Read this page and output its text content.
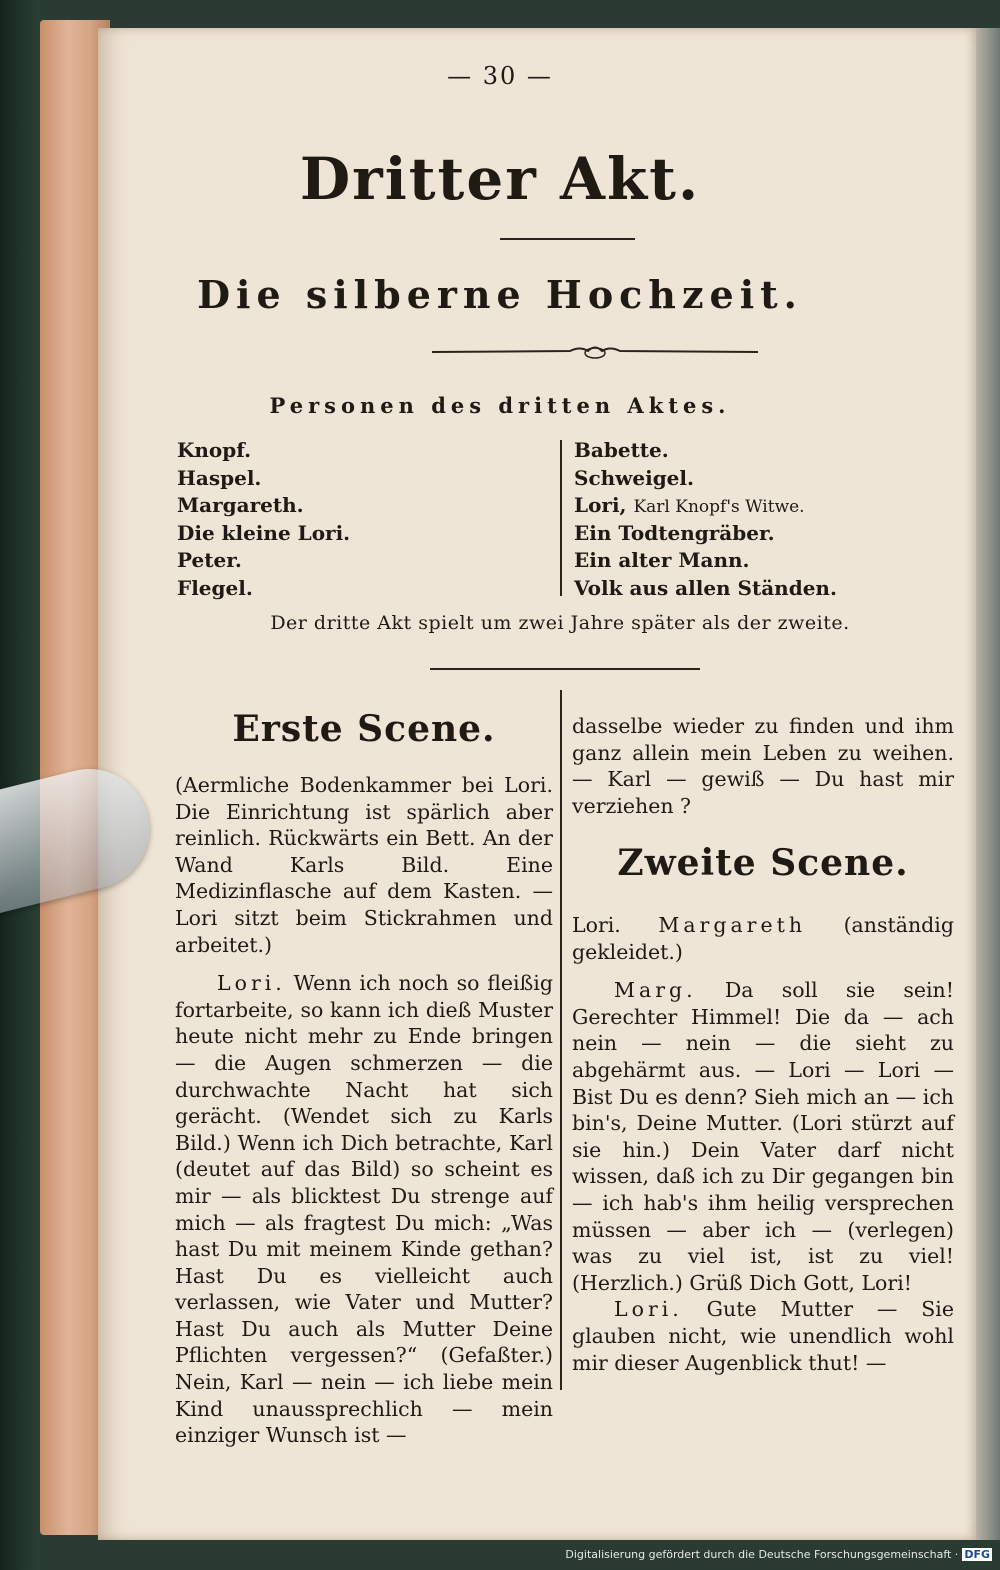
— 30 —
Dritter Akt.
Die silberne Hochzeit.
Personen des dritten Aktes.
Knopf.
Haspel.
Margareth.
Die kleine Lori.
Peter.
Flegel.
Babette.
Schweigel.
Lori, Karl Knopf's Witwe.
Ein Todtengräber.
Ein alter Mann.
Volk aus allen Ständen.
Der dritte Akt spielt um zwei Jahre später als der zweite.
Erste Scene.

(Aermliche Bodenkammer bei Lori. Die Einrichtung ist spärlich aber reinlich. Rückwärts ein Bett. An der Wand Karls Bild. Eine Medizinflasche auf dem Kasten. — Lori sitzt beim Stickrahmen und arbeitet.)

Lori. Wenn ich noch so fleißig fortarbeite, so kann ich dieß Muster heute nicht mehr zu Ende bringen — die Augen schmerzen — die durchwachte Nacht hat sich gerächt. (Wendet sich zu Karls Bild.) Wenn ich Dich betrachte, Karl (deutet auf das Bild) so scheint es mir — als blicktest Du strenge auf mich — als fragtest Du mich: „Was hast Du mit meinem Kinde gethan? Hast Du es vielleicht auch verlassen, wie Vater und Mutter? Hast Du auch als Mutter Deine Pflichten vergessen?“ (Gefaßter.) Nein, Karl — nein — ich liebe mein Kind unaussprechlich — mein einziger Wunsch ist —

dasselbe wieder zu finden und ihm ganz allein mein Leben zu weihen. — Karl — gewiß — Du hast mir verziehen ?

Zweite Scene.

Lori. Margareth (anständig gekleidet.)

Marg. Da soll sie sein! Gerechter Himmel! Die da — ach nein — nein — die sieht zu abgehärmt aus. — Lori — Lori — Bist Du es denn? Sieh mich an — ich bin's, Deine Mutter. (Lori stürzt auf sie hin.) Dein Vater darf nicht wissen, daß ich zu Dir gegangen bin — ich hab's ihm heilig versprechen müssen — aber ich — (verlegen) was zu viel ist, ist zu viel! (Herzlich.) Grüß Dich Gott, Lori!

Lori. Gute Mutter — Sie glauben nicht, wie unendlich wohl mir dieser Augenblick thut! —

Digitalisierung gefördert durch die Deutsche Forschungsgemeinschaft · DFG
